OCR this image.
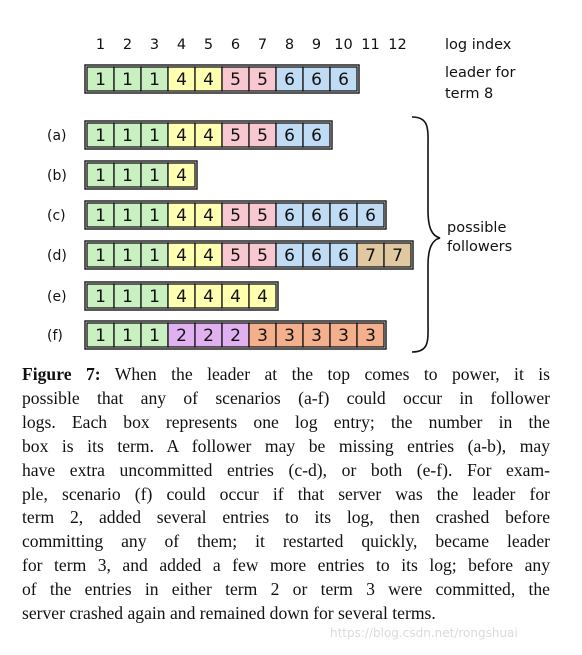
1 2 3 4 5 6 7 8 9 10 11 12	log index
leader for
term 8
1 1 1 4 4 5 5 6 6 6
(a) 1 1 1 4 4 5 5 6 6
(b) 1 1 1 4
(c) 1 1 1 4 4 5 5 6 6 6 6
(d) 1 1 1 4 4 5 5 6 6 6 7 7
(e) 1 1 1 4 4 4 4
(f) 1 1 1 2 2 2 3 3 3 3 3
possible
followers
Figure 7: When the leader at the top comes to power, it is
possible that any of scenarios (a-f) could occur in follower
logs. Each box represents one log entry; the number in the
box is its term. A follower may be missing entries (a-b), may
have extra uncommitted entries (c-d), or both (e-f). For exam-
ple, scenario (f) could occur if that server was the leader for
term 2, added several entries to its log, then crashed before
committing any of them; it restarted quickly, became leader
for term 3, and added a few more entries to its log; before any
of the entries in either term 2 or term 3 were committed, the
server crashed again and remained down for several terms.
https://blog.csdn.net/rongshuai
